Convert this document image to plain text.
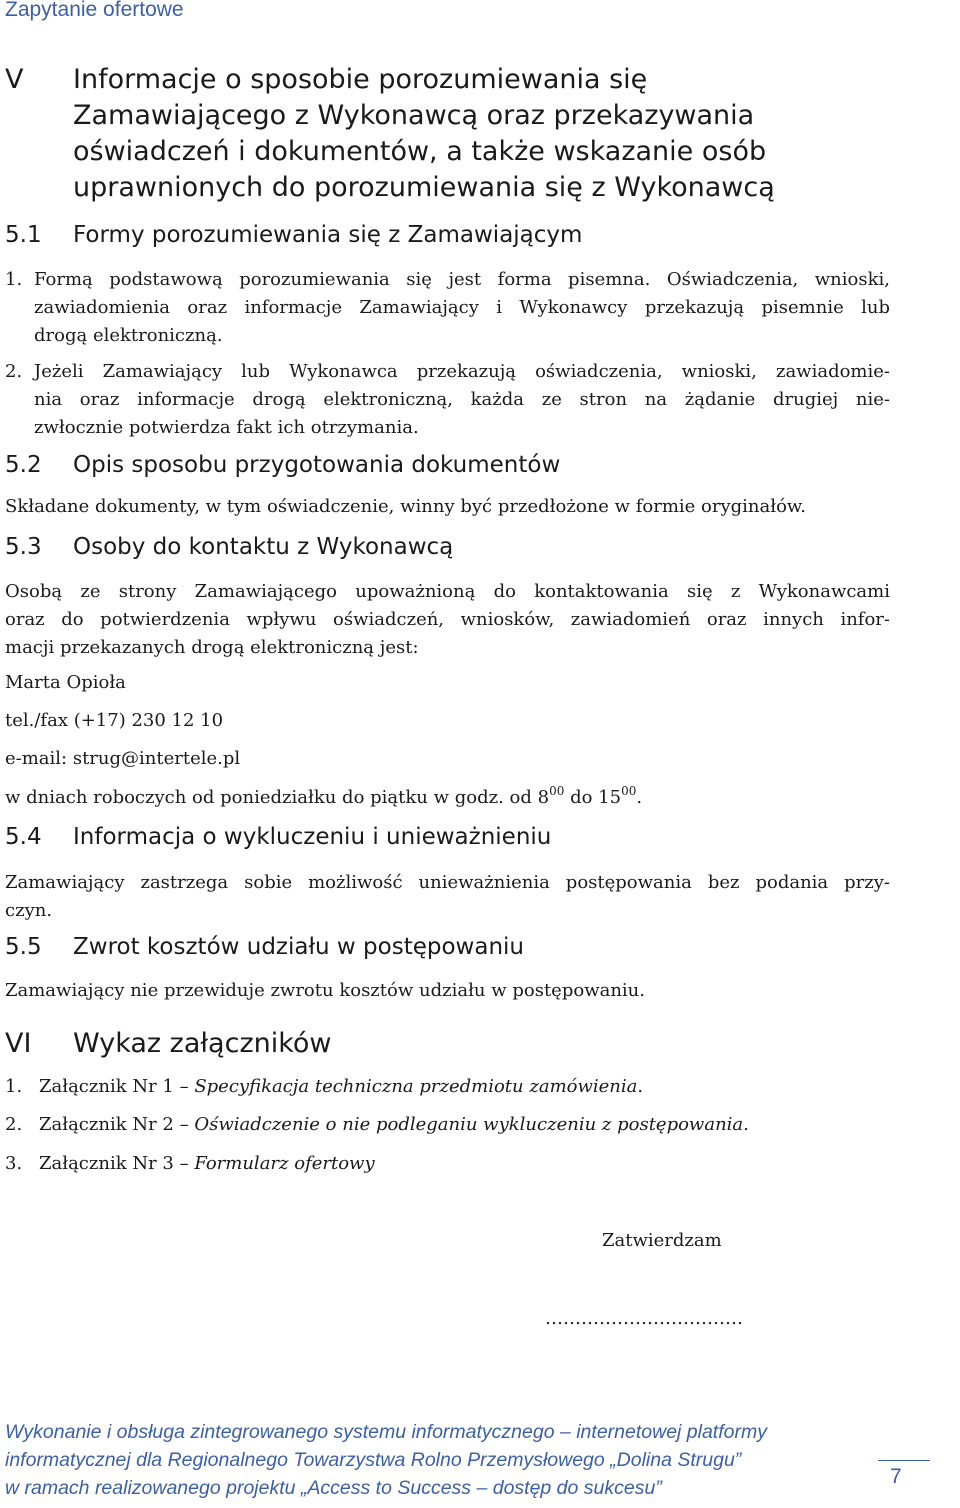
Zapytanie ofertowe
V Informacje o sposobie porozumiewania się
Zamawiającego z Wykonawcą oraz przekazywania
oświadczeń i dokumentów, a także wskazanie osób
uprawnionych do porozumiewania się z Wykonawcą
5.1 Formy porozumiewania się z Zamawiającym
1. Formą podstawową porozumiewania się jest forma pisemna. Oświadczenia, wnioski,
zawiadomienia oraz informacje Zamawiający i Wykonawcy przekazują pisemnie lub
drogą elektroniczną.
2. Jeżeli Zamawiający lub Wykonawca przekazują oświadczenia, wnioski, zawiadomie-
nia oraz informacje drogą elektroniczną, każda ze stron na żądanie drugiej nie-
zwłocznie potwierdza fakt ich otrzymania.
5.2 Opis sposobu przygotowania dokumentów
Składane dokumenty, w tym oświadczenie, winny być przedłożone w formie oryginałów.
5.3 Osoby do kontaktu z Wykonawcą
Osobą ze strony Zamawiającego upoważnioną do kontaktowania się z Wykonawcami
oraz do potwierdzenia wpływu oświadczeń, wniosków, zawiadomień oraz innych infor-
macji przekazanych drogą elektroniczną jest:
Marta Opioła
tel./fax (+17) 230 12 10
e-mail: strug@intertele.pl
w dniach roboczych od poniedziałku do piątku w godz. od $8^{00}$ do $15^{00}$.
5.4 Informacja o wykluczeniu i unieważnieniu
Zamawiający zastrzega sobie możliwość unieważnienia postępowania bez podania przy-
czyn.
5.5 Zwrot kosztów udziału w postępowaniu
Zamawiający nie przewiduje zwrotu kosztów udziału w postępowaniu.
VI Wykaz załączników
1. Załącznik Nr 1 – Specyfikacja techniczna przedmiotu zamówienia.
2. Załącznik Nr 2 – Oświadczenie o nie podleganiu wykluczeniu z postępowania.
3. Załącznik Nr 3 – Formularz ofertowy
Zatwierdzam
……………………………
Wykonanie i obsługa zintegrowanego systemu informatycznego – internetowej platformy
informatycznej dla Regionalnego Towarzystwa Rolno Przemysłowego „Dolina Strugu”
w ramach realizowanego projektu „Access to Success – dostęp do sukcesu”	7
